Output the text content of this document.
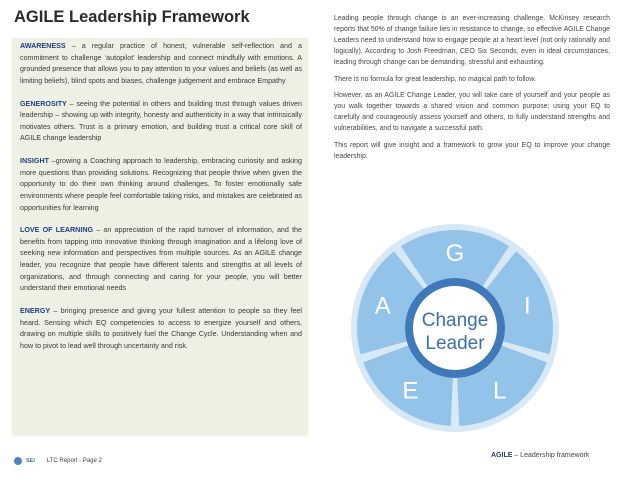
AGILE Leadership Framework

AWARENESS – a regular practice of honest, vulnerable self-reflection and a commitment to challenge ‘autopilot’ leadership and connect mindfully with emotions. A grounded presence that allows you to pay attention to your values and beliefs (as well as limiting beliefs), blind spots and biases, challenge judgement and embrace Empathy

GENEROSITY – seeing the potential in others and building trust through values driven leadership – showing up with integrity, honesty and authenticity in a way that intrinsically motivates others. Trust is a primary emotion, and building trust a critical core skill of AGILE change leadership

INSIGHT –growing a Coaching approach to leadership, embracing curiosity and asking more questions than providing solutions. Recognizing that people thrive when given the opportunity to do their own thinking around challenges. To foster emotionally safe environments where people feel comfortable taking risks, and mistakes are celebrated as opportunities for learning

LOVE OF LEARNING – an appreciation of the rapid turnover of information, and the benefits from tapping into innovative thinking through imagination and a lifelong love of seeking new information and perspectives from multiple sources. As an AGILE change leader, you recognize that people have different talents and strengths at all levels of organizations, and through connecting and caring for your people, you will better understand their emotional needs

ENERGY – bringing presence and giving your fullest attention to people so they feel heard. Sensing which EQ competencies to access to energize yourself and others, drawing on multiple skills to positively fuel the Change Cycle. Understanding when and how to pivot to lead well through uncertainty and risk.

Leading people through change is an ever-increasing challenge. McKinsey research reports that 50% of change failure lies in resistance to change, so effective AGILE Change Leaders need to understand how to engage people at a heart level (not only rationally and logically). According to Josh Freedman, CEO Six Seconds, even in ideal circumstances, leading through change can be demanding, stressful and exhausting.

There is no formula for great leadership, no magical path to follow.

However, as an AGILE Change Leader, you will take care of yourself and your people as you walk together towards a shared vision and common purpose; using your EQ to carefully and courageously assess yourself and others, to fully understand strengths and vulnerabilities, and to navigate a successful path.

This report will give insight and a framework to grow your EQ to improve your change leadership.

G
I
L
E
A
Change
Leader
SEI LTC Report - Page 2
AGILE – Leadership framework
